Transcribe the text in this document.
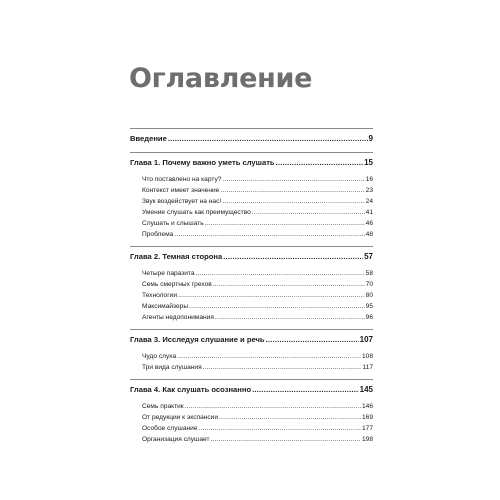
Оглавление
Введение .....	9
Глава 1. Почему важно уметь слушать .....	15
Что поставлено на карту? .....	16
Контекст имеет значение .....	23
Звук воздействует на нас! .....	24
Умение слушать как преимущество .....	41
Слушать и слышать .....	46
Проблема .....	48
Глава 2. Темная сторона .....	57
Четыре паразита .....	58
Семь смертных грехов .....	70
Технологии .....	80
Максимайзеры .....	95
Агенты недопонимания .....	96
Глава 3. Исследуя слушание и речь .....	107
Чудо слуха .....	108
Три вида слушания .....	117
Глава 4. Как слушать осознанно .....	145
Семь практик .....	146
От редукции к экспансии .....	169
Особое слушание .....	177
Организация слушает .....	198
